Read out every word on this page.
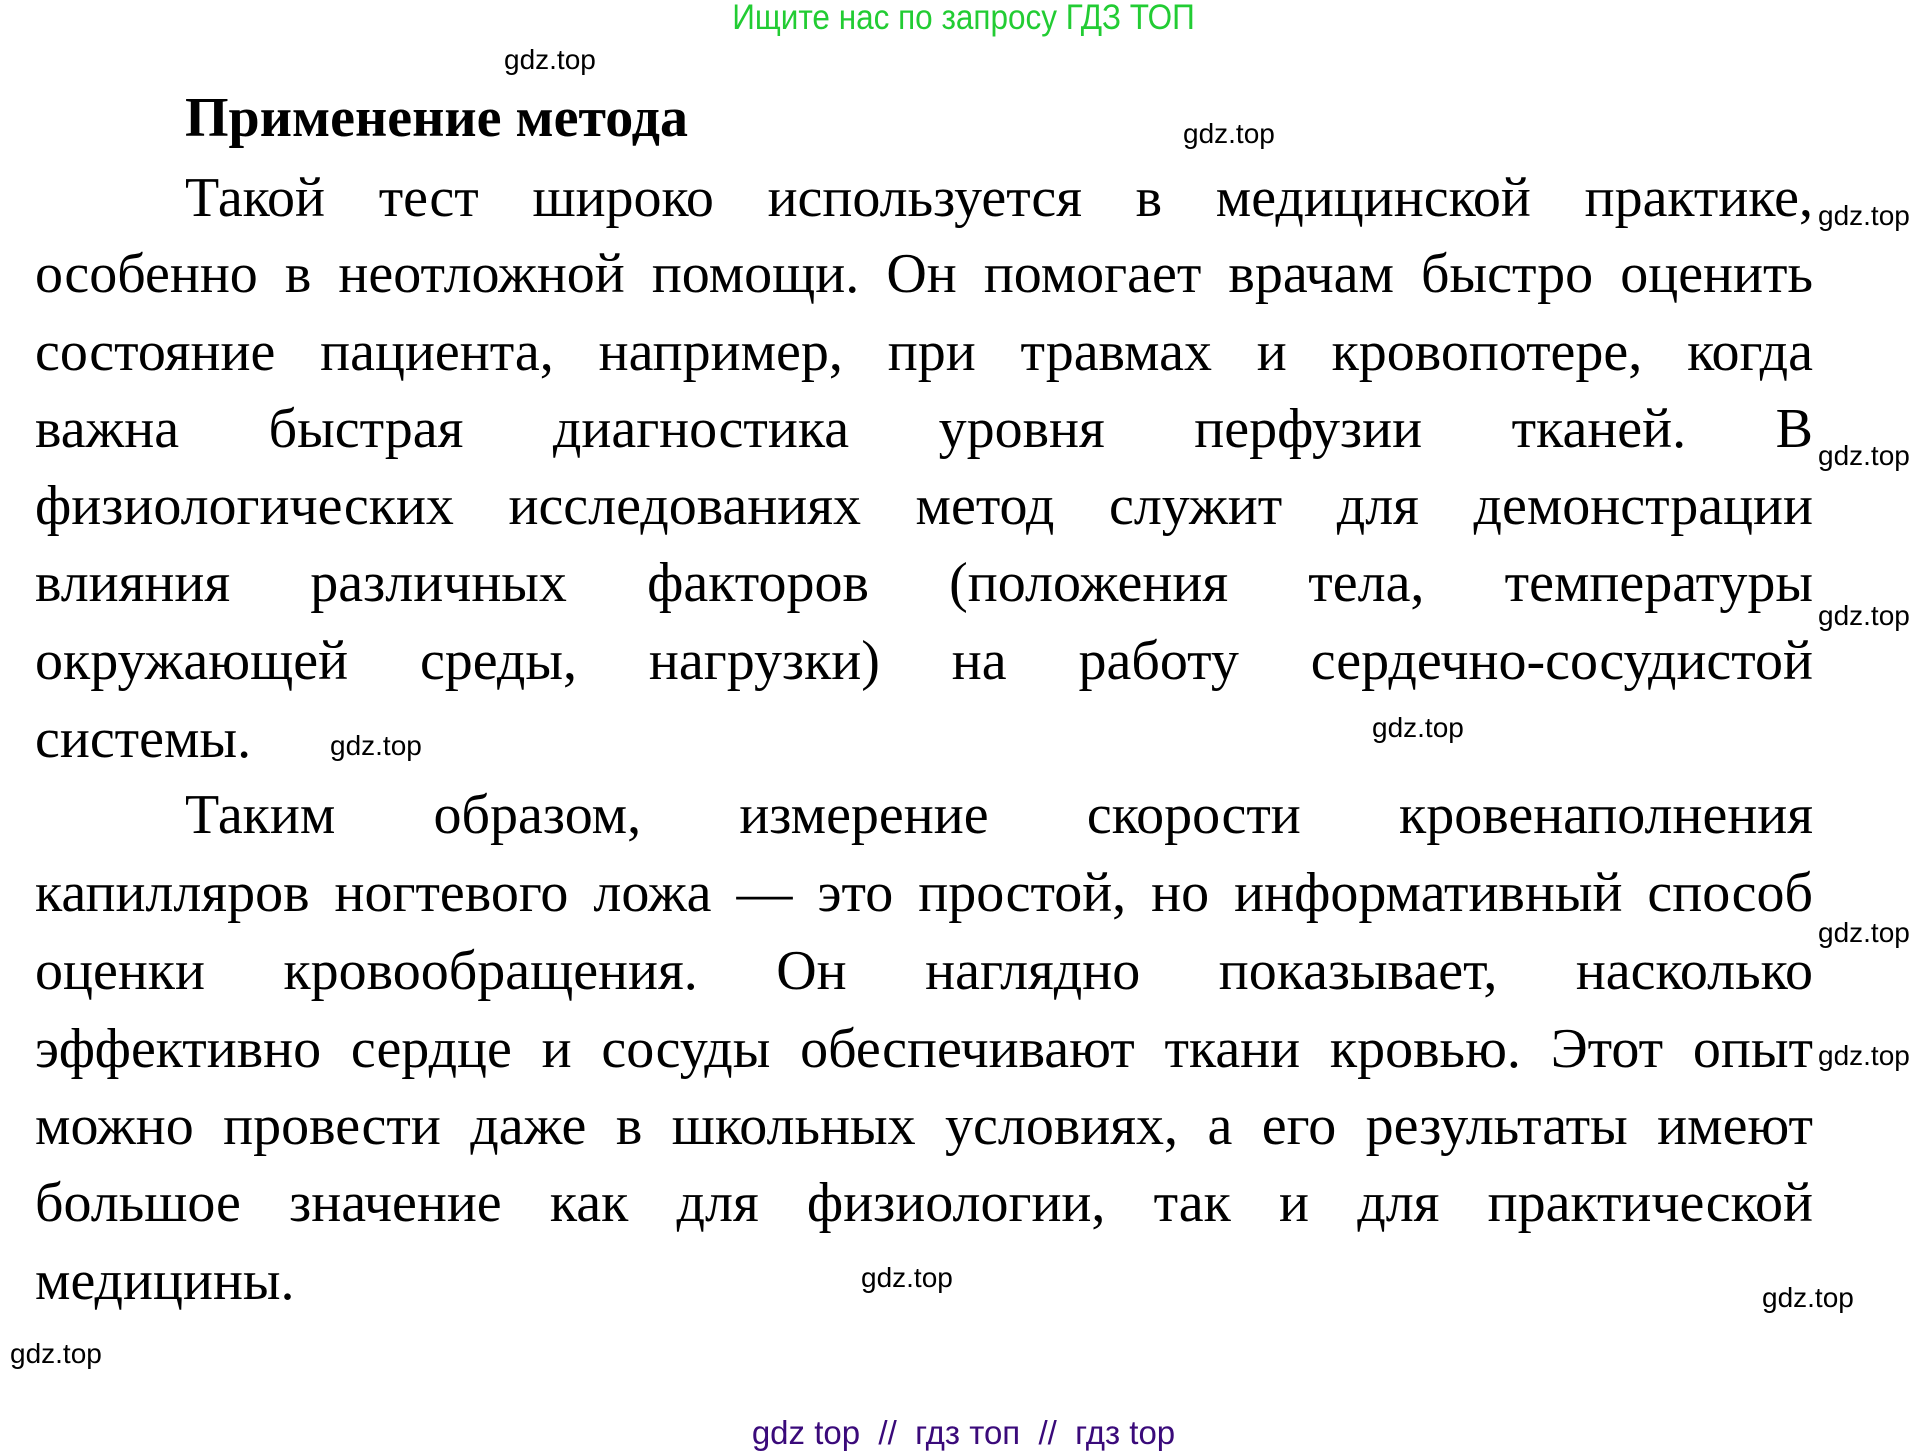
Ищите нас по запросу ГДЗ ТОП
Применение метода
Такой тест широко используется в медицинской практике,
особенно в неотложной помощи. Он помогает врачам быстро оценить
состояние пациента, например, при травмах и кровопотере, когда
важна быстрая диагностика уровня перфузии тканей. В
физиологических исследованиях метод служит для демонстрации
влияния различных факторов (положения тела, температуры
окружающей среды, нагрузки) на работу сердечно-сосудистой
системы.
Таким образом, измерение скорости кровенаполнения
капилляров ногтевого ложа — это простой, но информативный способ
оценки кровообращения. Он наглядно показывает, насколько
эффективно сердце и сосуды обеспечивают ткани кровью. Этот опыт
можно провести даже в школьных условиях, а его результаты имеют
большое значение как для физиологии, так и для практической
медицины.
gdz.top
gdz.top
gdz.top
gdz.top
gdz.top
gdz.top
gdz.top
gdz.top
gdz.top
gdz.top
gdz.top
gdz.top
gdz top  //  гдз топ  //  гдз top
